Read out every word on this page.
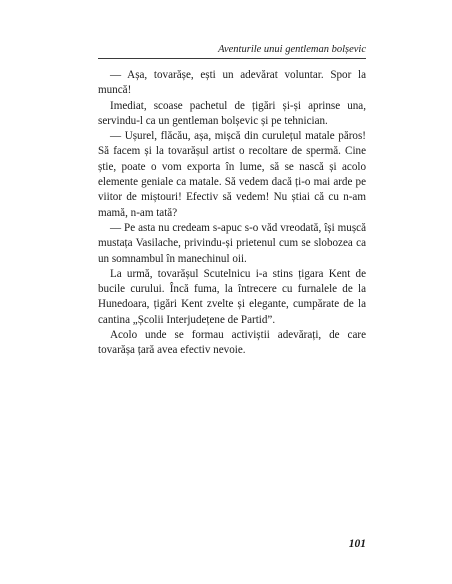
Aventurile unui gentleman bolșevic

— Așa, tovarășe, ești un adevărat voluntar. Spor la muncă!

Imediat, scoase pachetul de țigări și-și aprinse una, servindu-l ca un gentleman bolșevic și pe tehnician.

— Ușurel, flăcău, așa, mișcă din curulețul matale păros! Să facem și la tovarășul artist o recoltare de spermă. Cine știe, poate o vom exporta în lume, să se nască și acolo elemente geniale ca matale. Să vedem dacă ți-o mai arde pe viitor de miștouri! Efectiv să vedem! Nu știai că cu n-am mamă, n-am tată?

— Pe asta nu credeam s-apuc s-o văd vreodată, își mușcă mustața Vasilache, privindu-și prietenul cum se slobozea ca un somnambul în manechinul oii.

La urmă, tovarășul Scutelnicu i-a stins țigara Kent de bucile curului. Încă fuma, la întrecere cu furnalele de la Hunedoara, țigări Kent zvelte și elegante, cumpărate de la cantina „Școlii Interjudețene de Partid”.

Acolo unde se formau activiștii adevărați, de care tovarășa țară avea efectiv nevoie.

101
